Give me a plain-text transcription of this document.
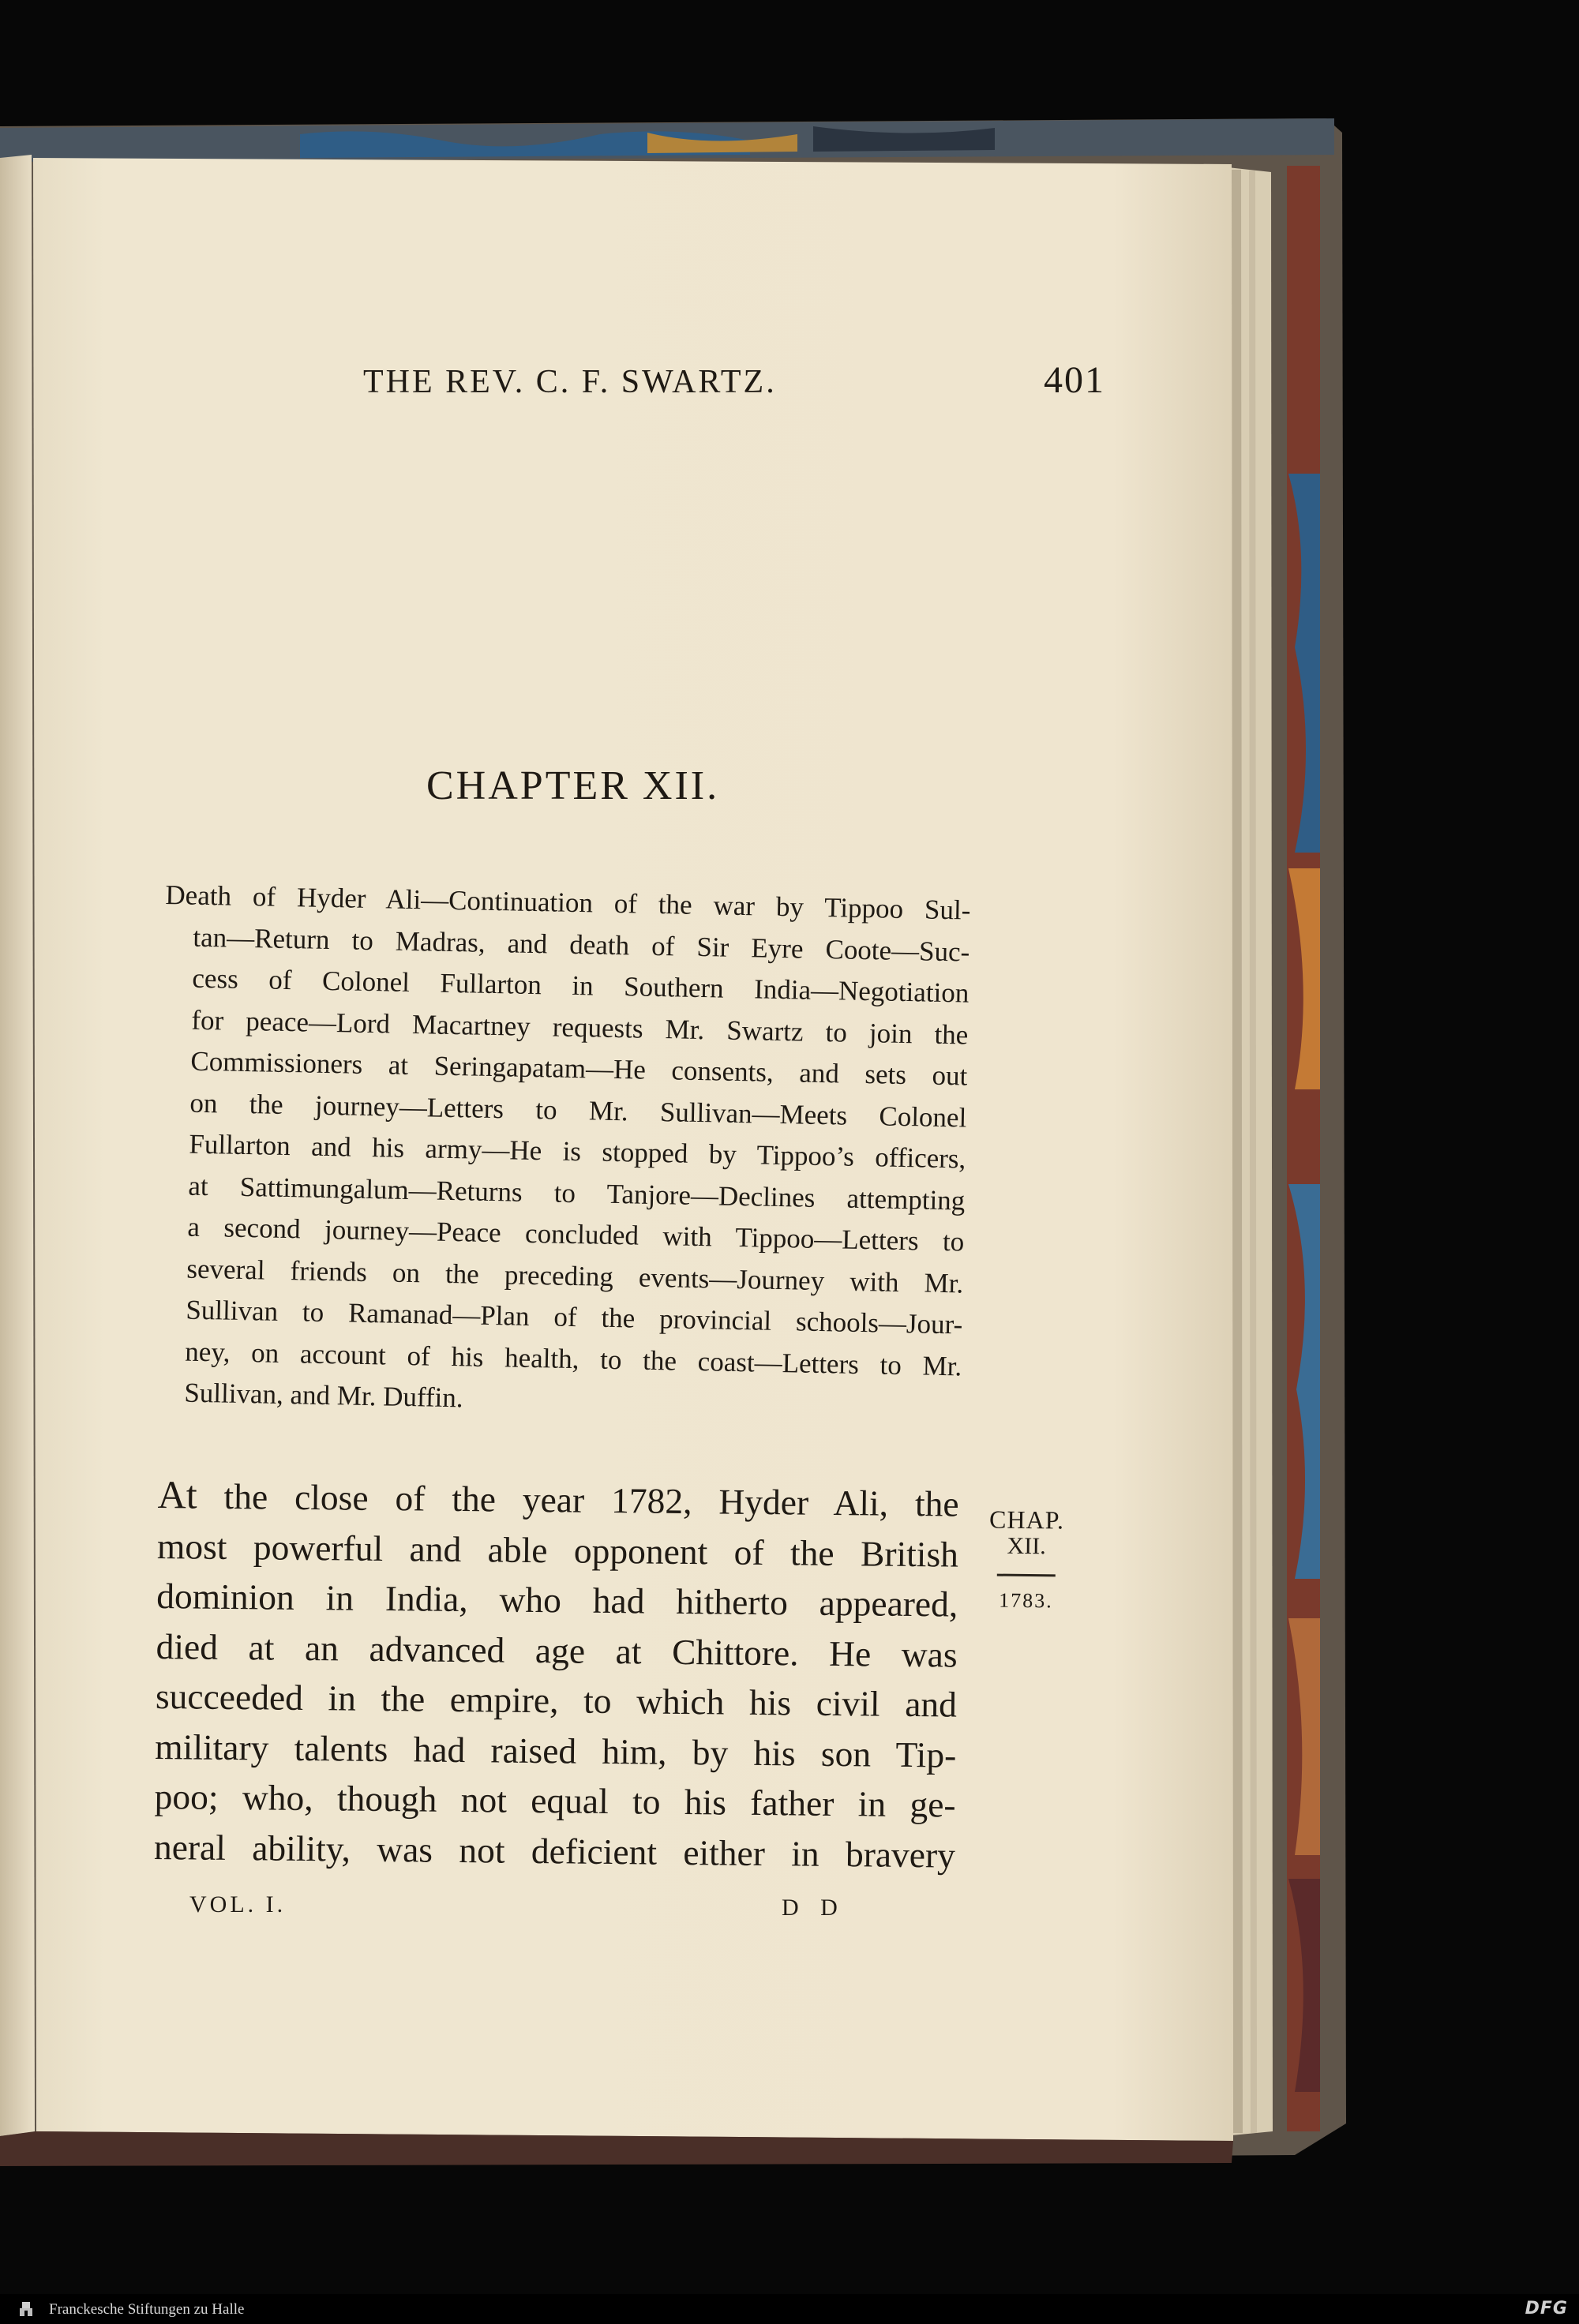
THE REV. C. F. SWARTZ.	401
CHAPTER XII.
Death of Hyder Ali—Continuation of the war by Tippoo Sul-
tan—Return to Madras, and death of Sir Eyre Coote—Suc-
cess of Colonel Fullarton in Southern India—Negotiation
for peace—Lord Macartney requests Mr. Swartz to join the
Commissioners at Seringapatam—He consents, and sets out
on the journey—Letters to Mr. Sullivan—Meets Colonel
Fullarton and his army—He is stopped by Tippoo’s officers,
at Sattimungalum—Returns to Tanjore—Declines attempting
a second journey—Peace concluded with Tippoo—Letters to
several friends on the preceding events—Journey with Mr.
Sullivan to Ramanad—Plan of the provincial schools—Jour-
ney, on account of his health, to the coast—Letters to Mr.
Sullivan, and Mr. Duffin.
At the close of the year 1782, Hyder Ali, the
most powerful and able opponent of the British
dominion in India, who had hitherto appeared,
died at an advanced age at Chittore. He was
succeeded in the empire, to which his civil and
military talents had raised him, by his son Tip-
poo; who, though not equal to his father in ge-
neral ability, was not deficient either in bravery
CHAP.
XII.
1783.
VOL. I.	D D
Franckesche Stiftungen zu Halle	DFG
